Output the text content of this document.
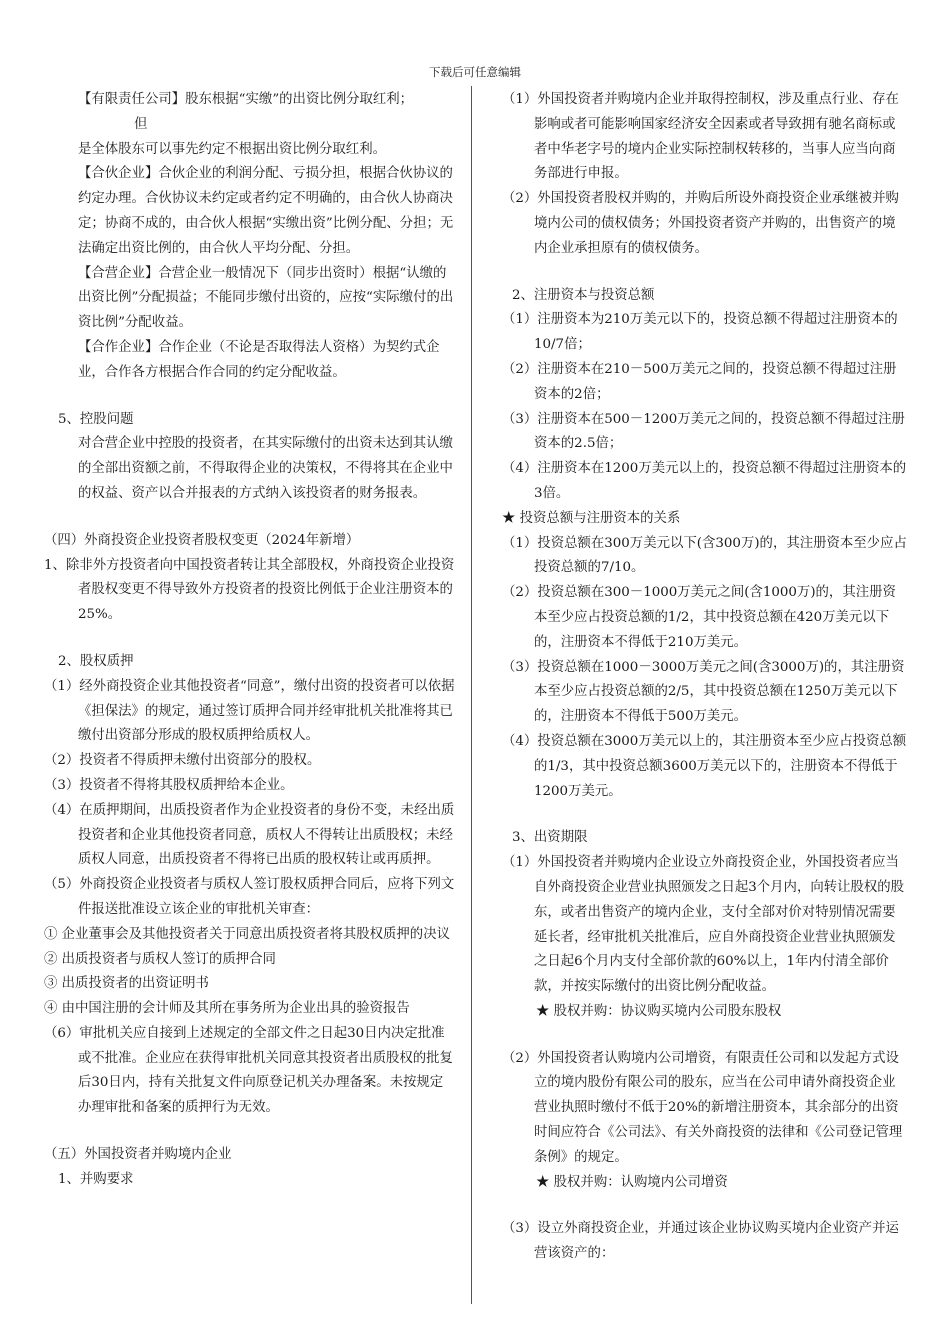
下载后可任意编辑

【有限责任公司】股东根据“实缴”的出资比例分取红利；

但

是全体股东可以事先约定不根据出资比例分取红利。

【合伙企业】合伙企业的利润分配、亏损分担，根据合伙协议的约定办理。合伙协议未约定或者约定不明确的，由合伙人协商决定；协商不成的，由合伙人根据“实缴出资”比例分配、分担；无法确定出资比例的，由合伙人平均分配、分担。

【合营企业】合营企业一般情况下（同步出资时）根据“认缴的出资比例”分配损益；不能同步缴付出资的，应按“实际缴付的出资比例”分配收益。

【合作企业】合作企业（不论是否取得法人资格）为契约式企业，合作各方根据合作合同的约定分配收益。

5、控股问题

对合营企业中控股的投资者，在其实际缴付的出资未达到其认缴的全部出资额之前，不得取得企业的决策权，不得将其在企业中的权益、资产以合并报表的方式纳入该投资者的财务报表。

（四）外商投资企业投资者股权变更（2024年新增）

1、除非外方投资者向中国投资者转让其全部股权，外商投资企业投资者股权变更不得导致外方投资者的投资比例低于企业注册资本的25%。

2、股权质押

（1）经外商投资企业其他投资者“同意”，缴付出资的投资者可以依据《担保法》的规定，通过签订质押合同并经审批机关批准将其已缴付出资部分形成的股权质押给质权人。

（2）投资者不得质押未缴付出资部分的股权。

（3）投资者不得将其股权质押给本企业。

（4）在质押期间，出质投资者作为企业投资者的身份不变，未经出质投资者和企业其他投资者同意，质权人不得转让出质股权；未经质权人同意，出质投资者不得将已出质的股权转让或再质押。

（5）外商投资企业投资者与质权人签订股权质押合同后，应将下列文件报送批准设立该企业的审批机关审查：

① 企业董事会及其他投资者关于同意出质投资者将其股权质押的决议

② 出质投资者与质权人签订的质押合同

③ 出质投资者的出资证明书

④ 由中国注册的会计师及其所在事务所为企业出具的验资报告

（6）审批机关应自接到上述规定的全部文件之日起30日内决定批准或不批准。企业应在获得审批机关同意其投资者出质股权的批复后30日内，持有关批复文件向原登记机关办理备案。未按规定办理审批和备案的质押行为无效。

（五）外国投资者并购境内企业

1、并购要求

（1）外国投资者并购境内企业并取得控制权，涉及重点行业、存在影响或者可能影响国家经济安全因素或者导致拥有驰名商标或者中华老字号的境内企业实际控制权转移的，当事人应当向商务部进行申报。

（2）外国投资者股权并购的，并购后所设外商投资企业承继被并购境内公司的债权债务；外国投资者资产并购的，出售资产的境内企业承担原有的债权债务。

2、注册资本与投资总额

（1）注册资本为210万美元以下的，投资总额不得超过注册资本的10/7倍；

（2）注册资本在210－500万美元之间的，投资总额不得超过注册资本的2倍；

（3）注册资本在500－1200万美元之间的，投资总额不得超过注册资本的2.5倍；

（4）注册资本在1200万美元以上的，投资总额不得超过注册资本的3倍。

★ 投资总额与注册资本的关系

（1）投资总额在300万美元以下(含300万)的，其注册资本至少应占投资总额的7/10。

（2）投资总额在300－1000万美元之间(含1000万)的，其注册资本至少应占投资总额的1/2，其中投资总额在420万美元以下的，注册资本不得低于210万美元。

（3）投资总额在1000－3000万美元之间(含3000万)的，其注册资本至少应占投资总额的2/5，其中投资总额在1250万美元以下的，注册资本不得低于500万美元。

（4）投资总额在3000万美元以上的，其注册资本至少应占投资总额的1/3，其中投资总额3600万美元以下的，注册资本不得低于1200万美元。

3、出资期限

（1）外国投资者并购境内企业设立外商投资企业，外国投资者应当自外商投资企业营业执照颁发之日起3个月内，向转让股权的股东，或者出售资产的境内企业，支付全部对价对特别情况需要延长者，经审批机关批准后，应自外商投资企业营业执照颁发之日起6个月内支付全部价款的60%以上，1年内付清全部价款，并按实际缴付的出资比例分配收益。

★ 股权并购：协议购买境内公司股东股权

（2）外国投资者认购境内公司增资，有限责任公司和以发起方式设立的境内股份有限公司的股东，应当在公司申请外商投资企业营业执照时缴付不低于20%的新增注册资本，其余部分的出资时间应符合《公司法》、有关外商投资的法律和《公司登记管理条例》的规定。

★ 股权并购：认购境内公司增资

（3）设立外商投资企业，并通过该企业协议购买境内企业资产并运营该资产的：
